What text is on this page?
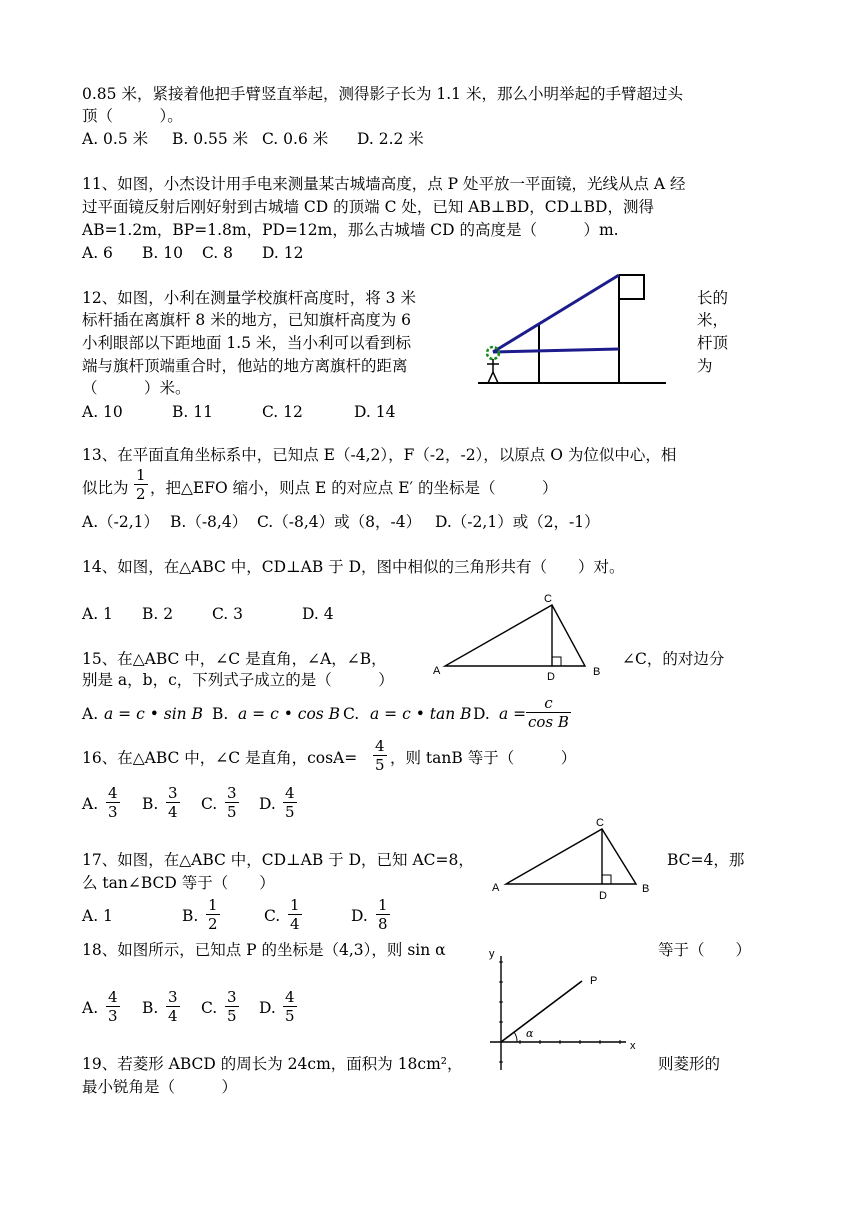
0.85 米，紧接着他把手臂竖直举起，测得影子长为 1.1 米，那么小明举起的手臂超过头
顶（　　　）。
A. 0.5 米 B. 0.55 米 C. 0.6 米 D. 2.2 米
11、如图，小杰设计用手电来测量某古城墙高度，点 P 处平放一平面镜，光线从点 A 经
过平面镜反射后刚好射到古城墙 CD 的顶端 C 处，已知 AB⊥BD，CD⊥BD，测得
AB=1.2m，BP=1.8m，PD=12m，那么古城墙 CD 的高度是（　　　）m.
A. 6 B. 10 C. 8 D. 12
12、如图，小利在测量学校旗杆高度时，将 3 米	长的
标杆插在离旗杆 8 米的地方，已知旗杆高度为 6	米，
小利眼部以下距地面 1.5 米，当小利可以看到标	杆顶
端与旗杆顶端重合时，他站的地方离旗杆的距离	为
（　　　）米。
A. 10	B. 11	C. 12	D. 14
13、在平面直角坐标系中，已知点 E（-4,2），F（-2，-2），以原点 O 为位似中心，相
似比为 $\frac{1}{2}$ ，把△EFO 缩小，则点 E 的对应点 E′ 的坐标是（　　　）
A.（-2,1） B.（-8,4） C.（-8,4）或（8，-4） D.（-2,1）或（2，-1）
14、如图，在△ABC 中，CD⊥AB 于 D，图中相似的三角形共有（　　）对。
A. 1 B. 2	C. 3	D. 4
A	B
C
D
15、在△ABC 中，∠C 是直角，∠A，∠B，	∠C，的对边分
别是 a，b，c，下列式子成立的是（　　　）
A. a = c • sin B B. a = c • cos B C. a = c • tan B D. $a = \frac{c}{\text{cos B}}$
16、在△ABC 中，∠C 是直角，$\cos A= \frac{4}{5}$ ，则 tanB 等于（　　　）
A. $\frac{4}{3} B$. $\frac{3}{4} C$. $\frac{3}{5} D$. $\frac{4}{5}$
17、如图，在△ABC 中，CD⊥AB 于 D，已知 AC=8，	BC=4，那
么 tan∠BCD 等于（　　）
A. 1	B. $\frac{1}{2}$	C. $\frac{1}{4}$	D. $\frac{1}{8}$
A	B
C
D
18、如图所示，已知点 P 的坐标是（4,3），则 sin α	等于（　　）
A. $\frac{4}{3} B$. $\frac{3}{4} C$. $\frac{3}{5} D$. $\frac{4}{5}$
y
x
P
α
19、若菱形 ABCD 的周长为 24cm，面积为 18cm²，	则菱形的
最小锐角是（　　　）
